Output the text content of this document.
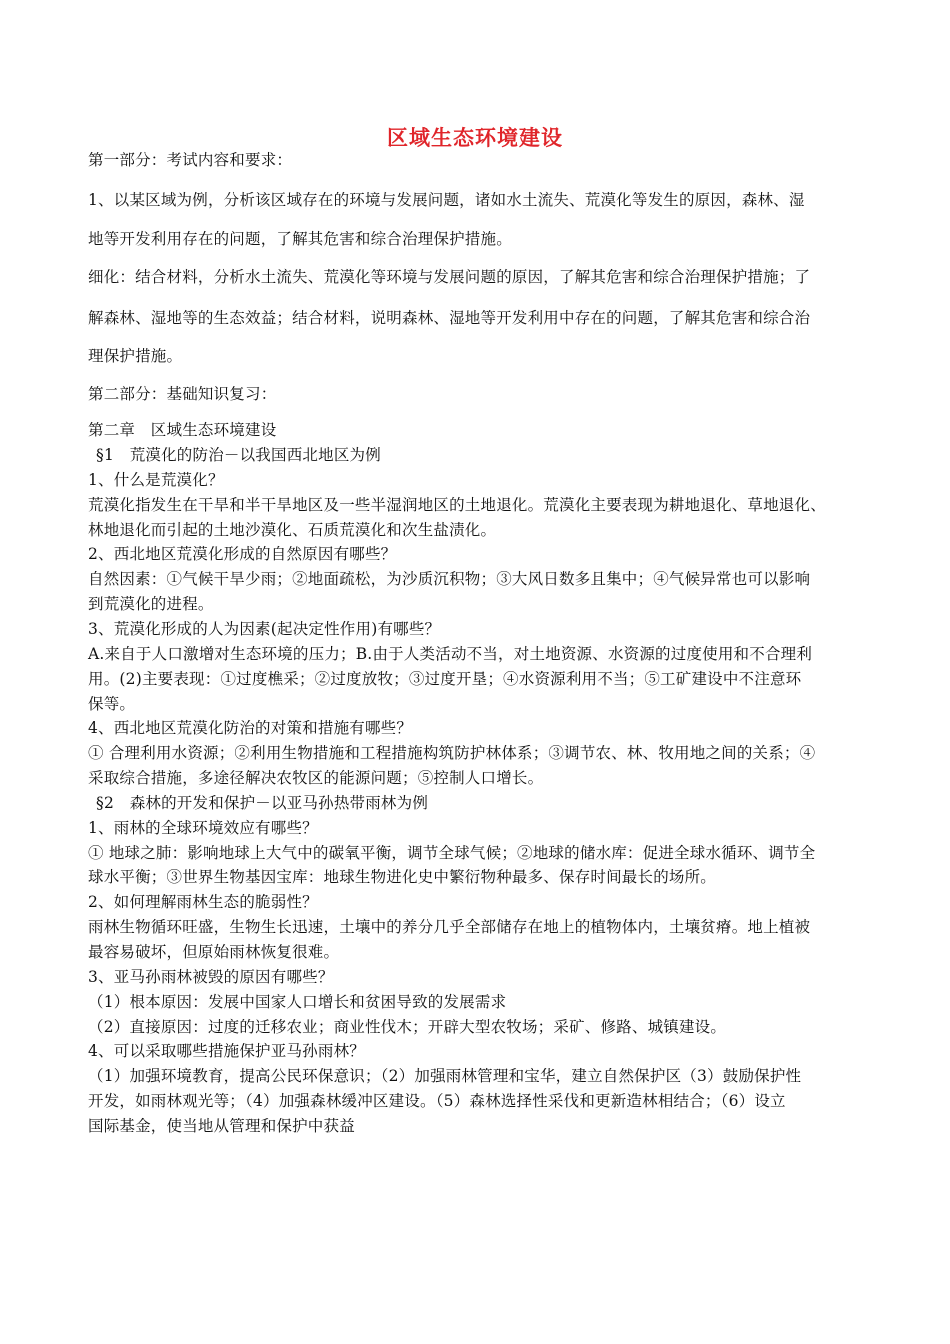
区域生态环境建设
第一部分：考试内容和要求：
1、以某区域为例，分析该区域存在的环境与发展问题，诸如水土流失、荒漠化等发生的原因，森林、湿
地等开发利用存在的问题，了解其危害和综合治理保护措施。
细化：结合材料，分析水土流失、荒漠化等环境与发展问题的原因，了解其危害和综合治理保护措施；了
解森林、湿地等的生态效益；结合材料，说明森林、湿地等开发利用中存在的问题，了解其危害和综合治
理保护措施。
第二部分：基础知识复习：
第二章　区域生态环境建设
§1　荒漠化的防治－以我国西北地区为例
1、什么是荒漠化？
荒漠化指发生在干旱和半干旱地区及一些半湿润地区的土地退化。荒漠化主要表现为耕地退化、草地退化、
林地退化而引起的土地沙漠化、石质荒漠化和次生盐渍化。
2、西北地区荒漠化形成的自然原因有哪些？
自然因素：①气候干旱少雨；②地面疏松，为沙质沉积物；③大风日数多且集中；④气候异常也可以影响
到荒漠化的进程。
3、荒漠化形成的人为因素(起决定性作用)有哪些？
A.来自于人口激增对生态环境的压力；B.由于人类活动不当，对土地资源、水资源的过度使用和不合理利
用。(2)主要表现：①过度樵采；②过度放牧；③过度开垦；④水资源利用不当；⑤工矿建设中不注意环
保等。
4、西北地区荒漠化防治的对策和措施有哪些？
① 合理利用水资源；②利用生物措施和工程措施构筑防护林体系；③调节农、林、牧用地之间的关系；④
采取综合措施，多途径解决农牧区的能源问题；⑤控制人口增长。
§2　森林的开发和保护－以亚马孙热带雨林为例
1、雨林的全球环境效应有哪些？
① 地球之肺：影响地球上大气中的碳氧平衡，调节全球气候；②地球的储水库：促进全球水循环、调节全
球水平衡；③世界生物基因宝库：地球生物进化史中繁衍物种最多、保存时间最长的场所。
2、如何理解雨林生态的脆弱性？
雨林生物循环旺盛，生物生长迅速，土壤中的养分几乎全部储存在地上的植物体内，土壤贫瘠。地上植被
最容易破坏，但原始雨林恢复很难。
3、亚马孙雨林被毁的原因有哪些？
（1）根本原因：发展中国家人口增长和贫困导致的发展需求
（2）直接原因：过度的迁移农业；商业性伐木；开辟大型农牧场；采矿、修路、城镇建设。
4、可以采取哪些措施保护亚马孙雨林？
（1）加强环境教育，提高公民环保意识；（2）加强雨林管理和宝华，建立自然保护区（3）鼓励保护性
开发，如雨林观光等；（4）加强森林缓冲区建设。（5）森林选择性采伐和更新造林相结合；（6）设立
国际基金，使当地从管理和保护中获益
